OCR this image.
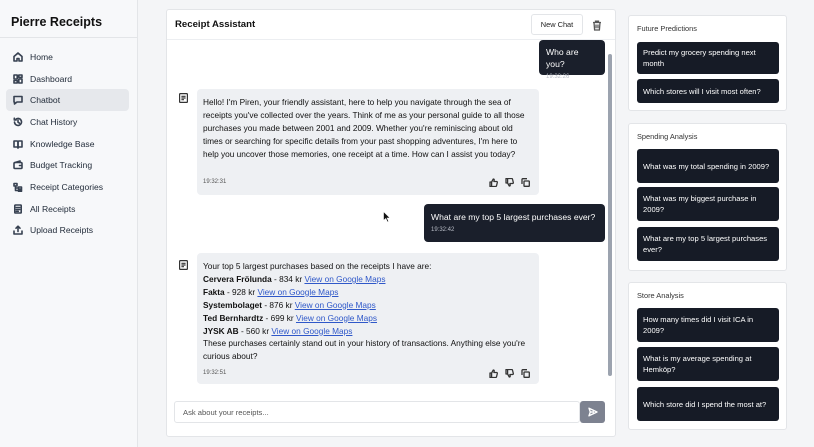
Pierre Receipts
Home
Dashboard
Chatbot
Chat History
Knowledge Base
Budget Tracking
Receipt Categories
All Receipts
Upload Receipts
Receipt Assistant	New Chat
Who are you?
19:32:26
Hello! I'm Piren, your friendly assistant, here to help you navigate through the sea of receipts you've collected over the years. Think of me as your personal guide to all those purchases you made between 2001 and 2009. Whether you're reminiscing about old times or searching for specific details from your past shopping adventures, I'm here to help you uncover those memories, one receipt at a time. How can I assist you today?
19:32:31
What are my top 5 largest purchases ever?
19:32:42
Your top 5 largest purchases based on the receipts I have are:
Cervera Frölunda - 834 kr View on Google Maps
Fakta - 928 kr View on Google Maps
Systembolaget - 876 kr View on Google Maps
Ted Bernhardtz - 699 kr View on Google Maps
JYSK AB - 560 kr View on Google Maps
These purchases certainly stand out in your history of transactions. Anything else you're curious about?
19:32:51
Ask about your receipts...
Future Predictions
Predict my grocery spending next month
Which stores will I visit most often?
Spending Analysis
What was my total spending in 2009?
What was my biggest purchase in 2009?
What are my top 5 largest purchases ever?
Store Analysis
How many times did I visit ICA in 2009?
What is my average spending at Hemköp?
Which store did I spend the most at?
